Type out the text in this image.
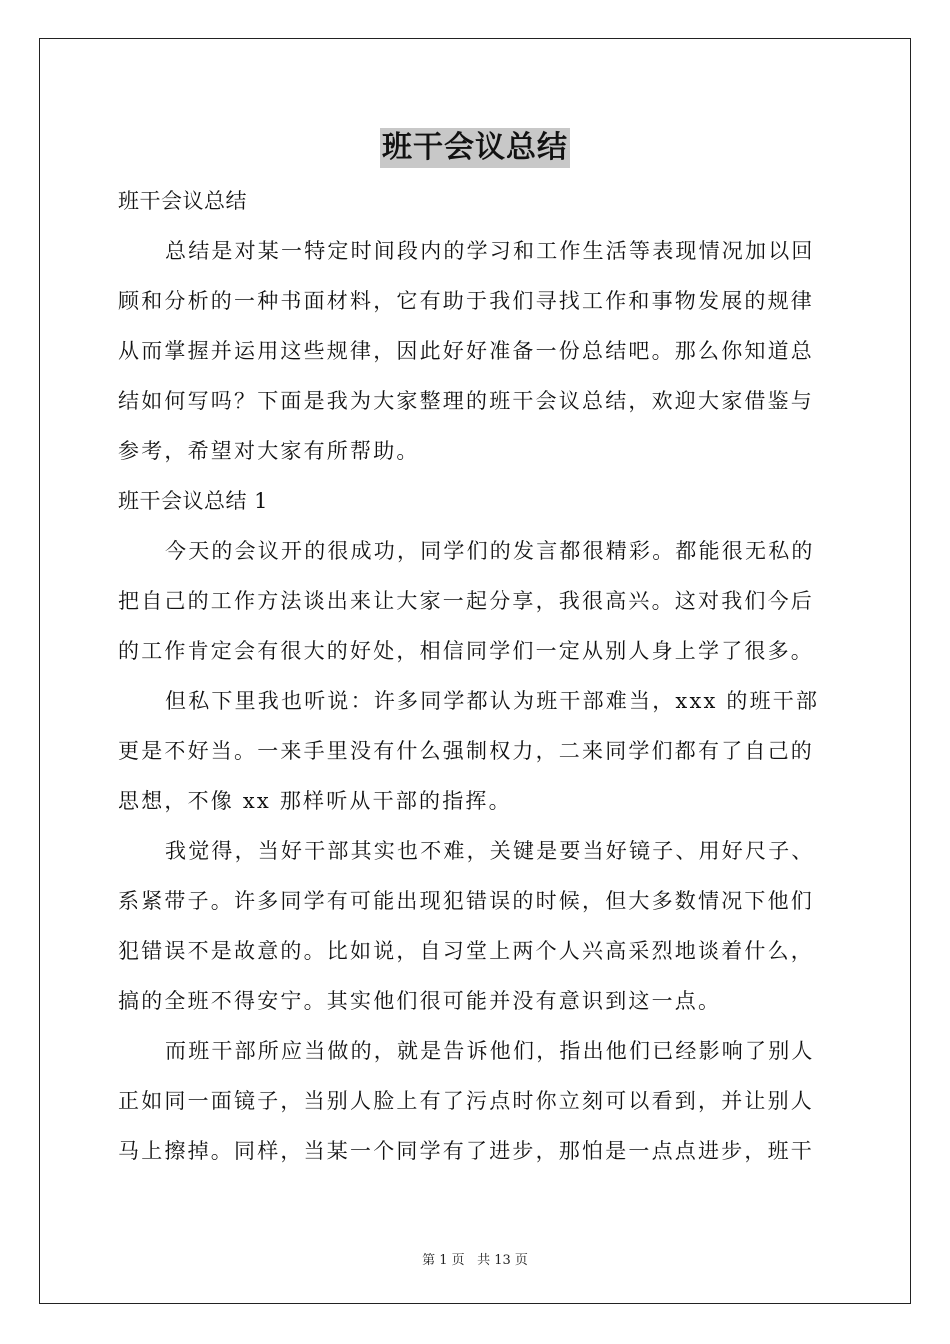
班干会议总结
班干会议总结
总结是对某一特定时间段内的学习和工作生活等表现情况加以回
顾和分析的一种书面材料，它有助于我们寻找工作和事物发展的规律
从而掌握并运用这些规律，因此好好准备一份总结吧。那么你知道总
结如何写吗？下面是我为大家整理的班干会议总结，欢迎大家借鉴与
参考，希望对大家有所帮助。
班干会议总结 1
今天的会议开的很成功，同学们的发言都很精彩。都能很无私的
把自己的工作方法谈出来让大家一起分享，我很高兴。这对我们今后
的工作肯定会有很大的好处，相信同学们一定从别人身上学了很多。
但私下里我也听说：许多同学都认为班干部难当，xxx 的班干部
更是不好当。一来手里没有什么强制权力，二来同学们都有了自己的
思想，不像 xx 那样听从干部的指挥。
我觉得，当好干部其实也不难，关键是要当好镜子、用好尺子、
系紧带子。许多同学有可能出现犯错误的时候，但大多数情况下他们
犯错误不是故意的。比如说，自习堂上两个人兴高采烈地谈着什么，
搞的全班不得安宁。其实他们很可能并没有意识到这一点。
而班干部所应当做的，就是告诉他们，指出他们已经影响了别人
正如同一面镜子，当别人脸上有了污点时你立刻可以看到，并让别人
马上擦掉。同样，当某一个同学有了进步，那怕是一点点进步，班干
第 1 页 共 13 页
